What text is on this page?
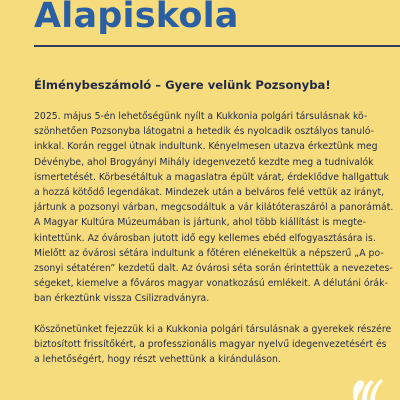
Alapiskola
Élménybeszámoló – Gyere velünk Pozsonyba!
2025. május 5-én lehetőségünk nyílt a Kukkonia polgári társulásnak kö-
szönhetően Pozsonyba látogatni a hetedik és nyolcadik osztályos tanuló-
inkkal. Korán reggel útnak indultunk. Kényelmesen utazva érkeztünk meg
Dévénybe, ahol Brogyányi Mihály idegenvezető kezdte meg a tudnivalók
ismertetését. Körbesétáltuk a magaslatra épült várat, érdeklődve hallgattuk
a hozzá kötődő legendákat. Mindezek után a belváros felé vettük az irányt,
jártunk a pozsonyi várban, megcsodáltuk a vár kilátóteraszáról a panorámát.
A Magyar Kultúra Múzeumában is jártunk, ahol több kiállítást is megte-
kintettünk. Az óvárosban jutott idő egy kellemes ebéd elfogyasztására is.
Mielőtt az óvárosi sétára indultunk a főtéren elénekeltük a népszerű „A po-
zsonyi sétatéren” kezdetű dalt. Az óvárosi séta során érintettük a nevezetes-
ségeket, kiemelve a főváros magyar vonatkozású emlékeit. A délutáni órák-
ban érkeztünk vissza Csilizradványra.
Köszönetünket fejezzük ki a Kukkonia polgári társulásnak a gyerekek részére
biztosított frissítőkért, a professzionális magyar nyelvű idegenvezetésért és
a lehetőségért, hogy részt vehettünk a kiránduláson.
